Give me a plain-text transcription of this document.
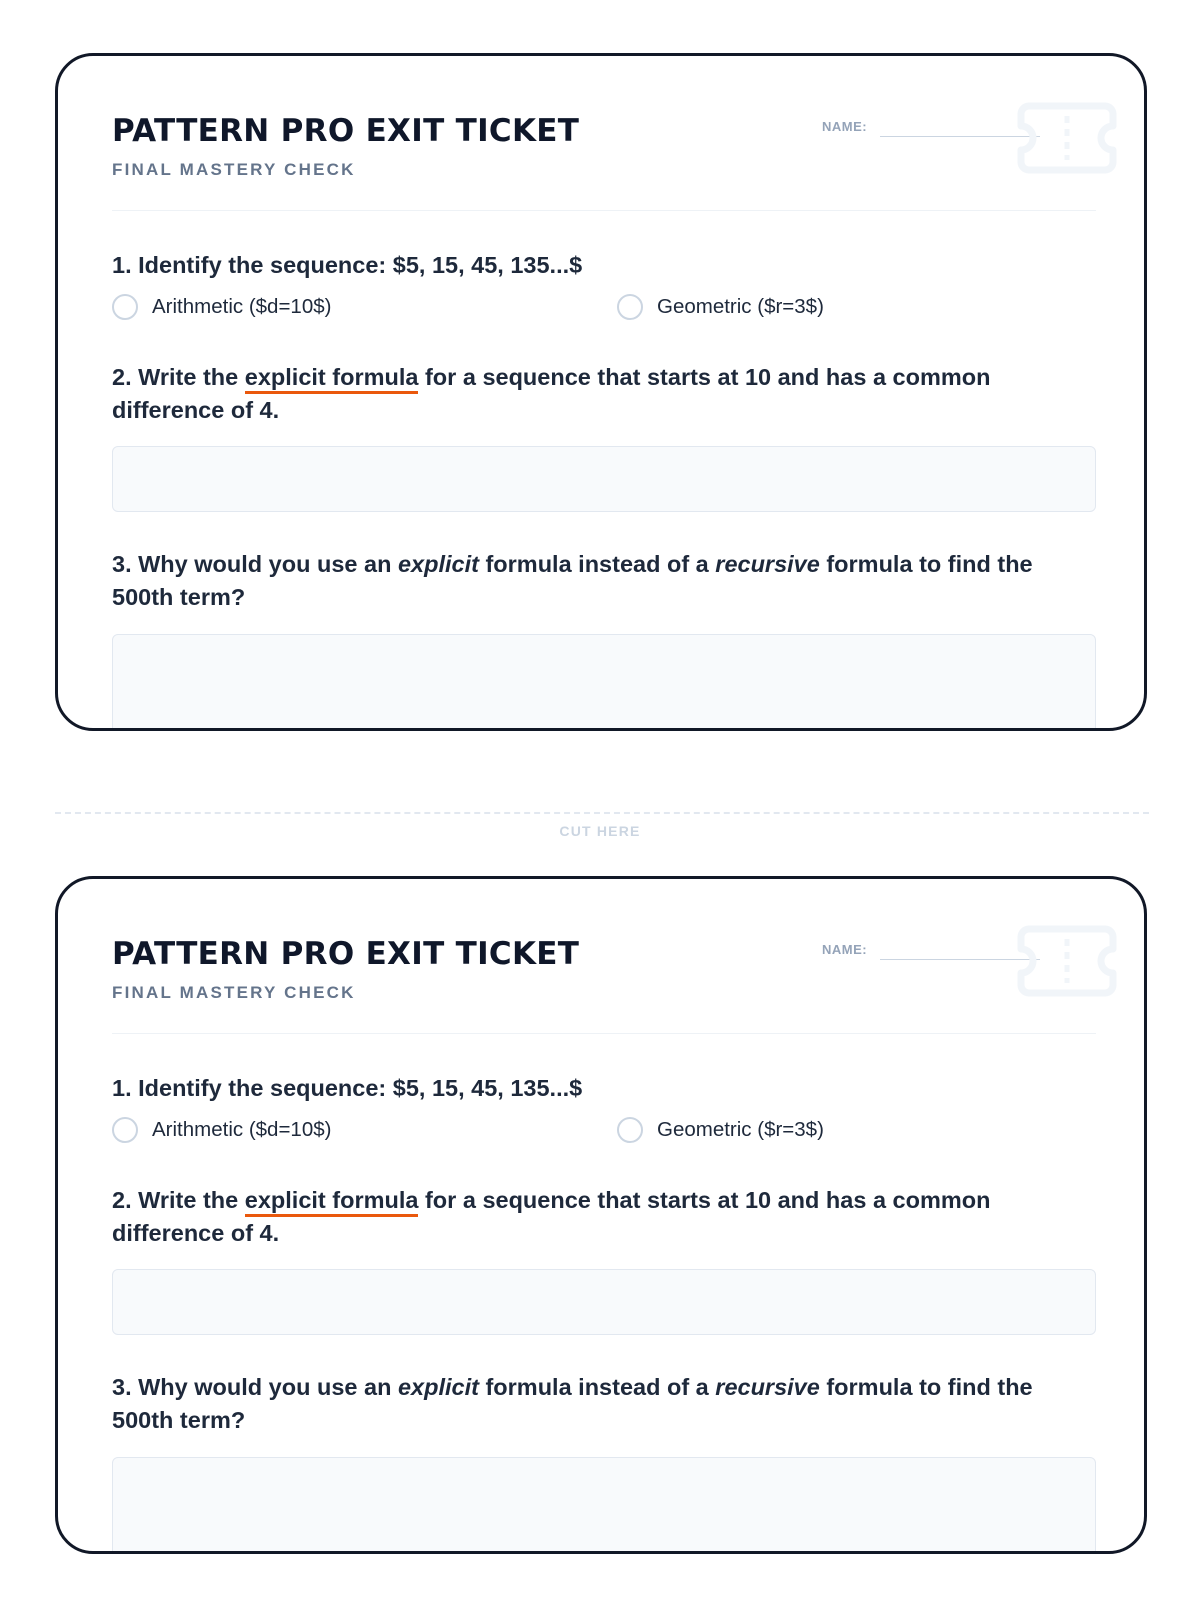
PATTERN PRO EXIT TICKET
FINAL MASTERY CHECK
NAME:
1. Identify the sequence: $5, 15, 45, 135...$
Arithmetic ($d=10$)	Geometric ($r=3$)
2. Write the explicit formula for a sequence that starts at 10 and has a common difference of 4.
3. Why would you use an explicit formula instead of a recursive formula to find the 500th term?
CUT HERE
PATTERN PRO EXIT TICKET
FINAL MASTERY CHECK
NAME:
1. Identify the sequence: $5, 15, 45, 135...$
Arithmetic ($d=10$)	Geometric ($r=3$)
2. Write the explicit formula for a sequence that starts at 10 and has a common difference of 4.
3. Why would you use an explicit formula instead of a recursive formula to find the 500th term?
